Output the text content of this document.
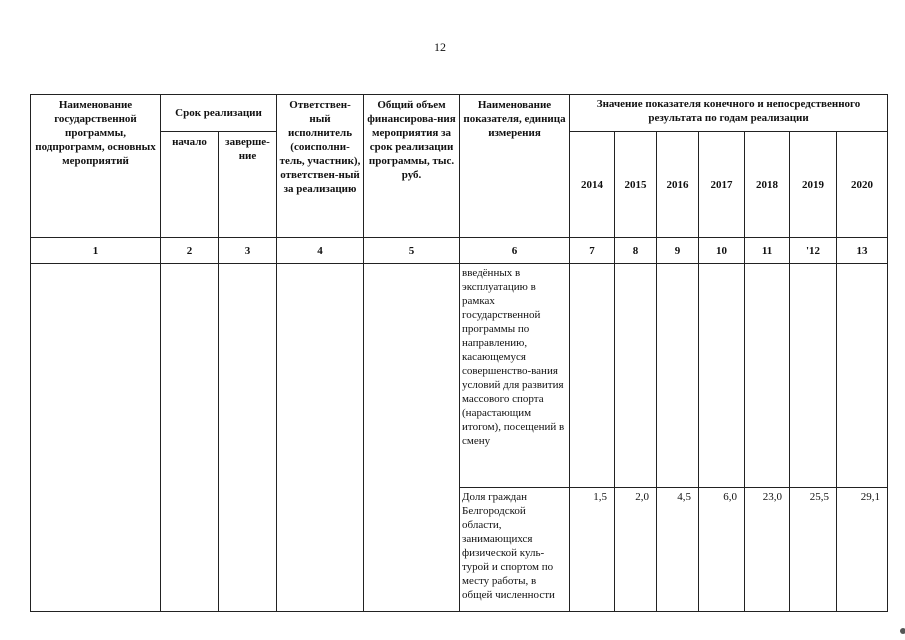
12
Наименование государственной программы, подпрограмм, основных мероприятий	Срок реализации		Ответствен-ный исполнитель (соисполни-тель, участник), ответствен-ный за реализацию	Общий объем финансирова-ния мероприятия за срок реализации программы, тыс. руб.	Наименование показателя, единица измерения	Значение показателя конечного и непосредственного результата по годам реализации						
	начало	заверше-ние				2014	2015	2016	2017	2018	2019	2020
1	2	3	4	5	6	7	8	9	10	11	'12	13
					введённых в эксплуатацию в рамках государственной программы по направлению, касающемуся совершенство-вания условий для развития массового спорта (нарастающим итогом), посещений в смену							
					Доля граждан Белгородской области, занимающихся физической куль-турой и спортом по месту работы, в общей численности	1,5	2,0	4,5	6,0	23,0	25,5	29,1
